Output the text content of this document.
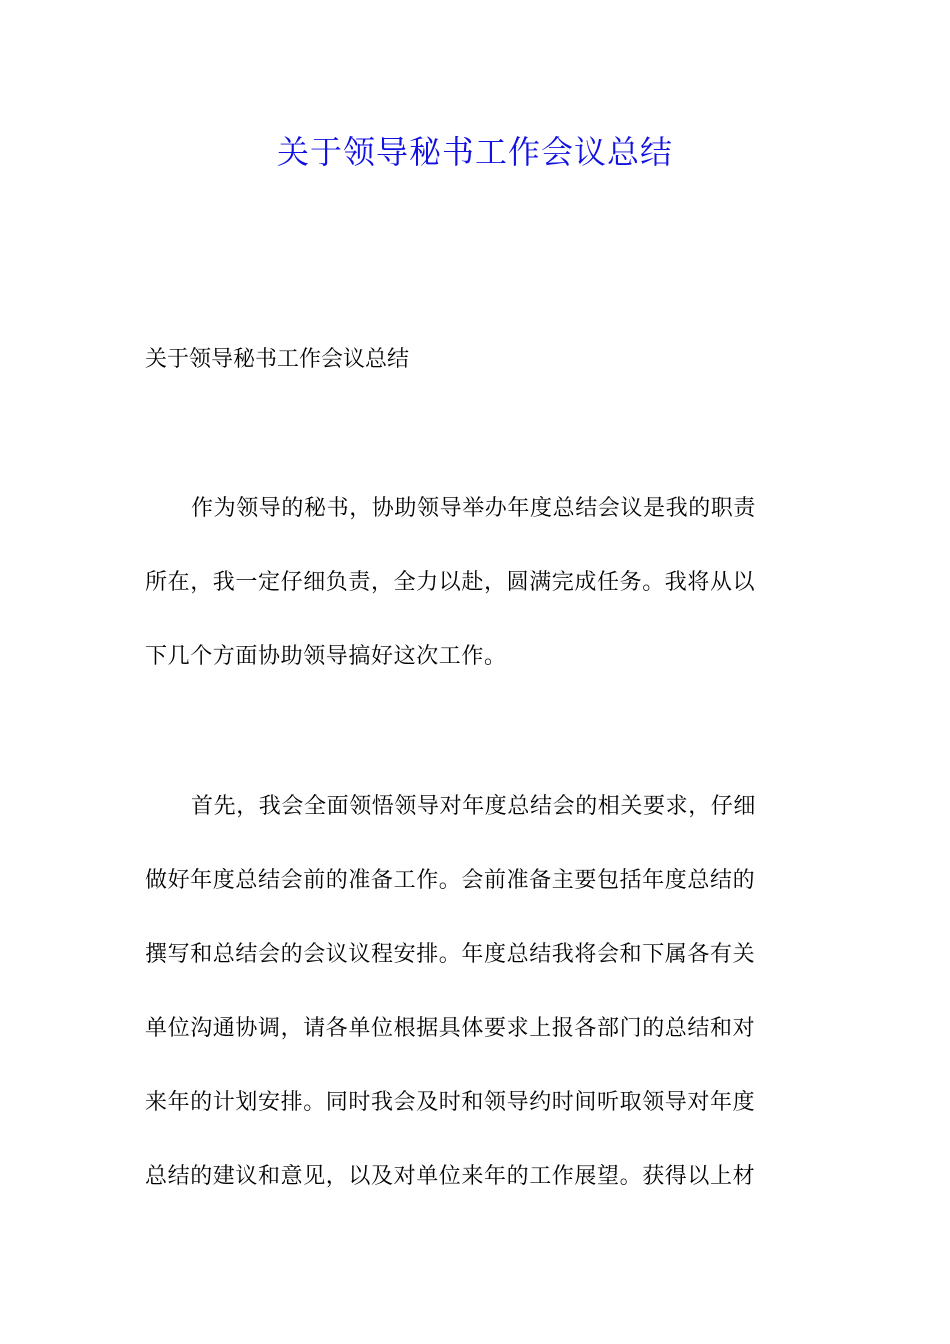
关于领导秘书工作会议总结

关于领导秘书工作会议总结

作为领导的秘书，协助领导举办年度总结会议是我的职责
所在，我一定仔细负责，全力以赴，圆满完成任务。我将从以
下几个方面协助领导搞好这次工作。
首先，我会全面领悟领导对年度总结会的相关要求，仔细
做好年度总结会前的准备工作。会前准备主要包括年度总结的
撰写和总结会的会议议程安排。年度总结我将会和下属各有关
单位沟通协调，请各单位根据具体要求上报各部门的总结和对
来年的计划安排。同时我会及时和领导约时间听取领导对年度
总结的建议和意见，以及对单位来年的工作展望。获得以上材
